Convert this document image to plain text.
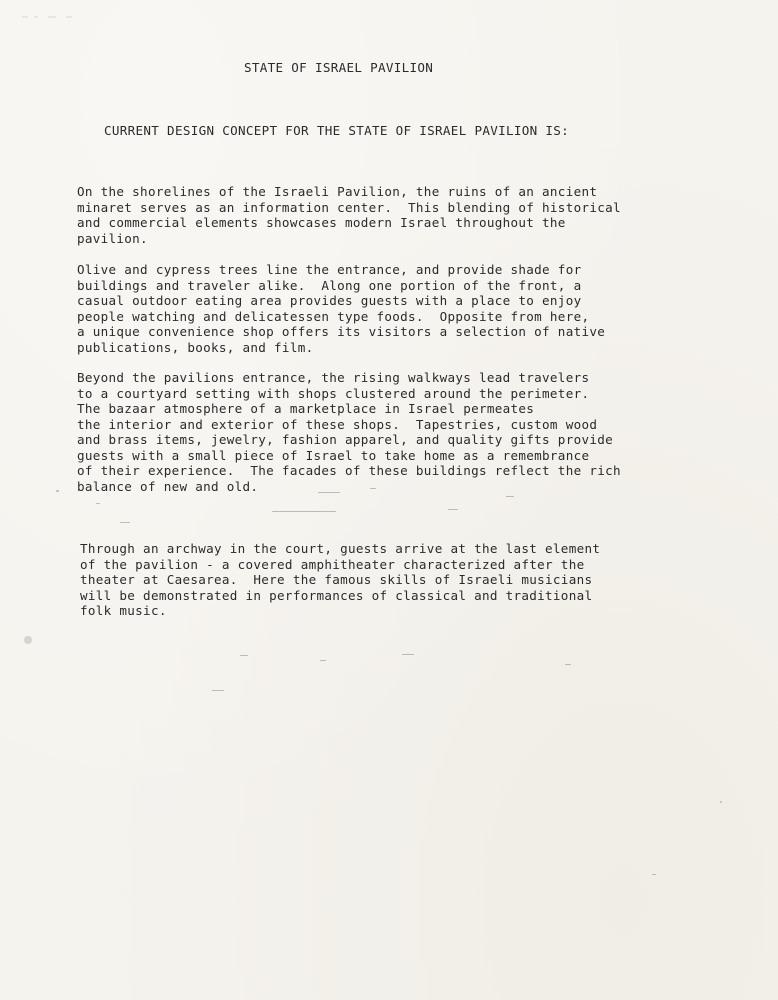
STATE OF ISRAEL PAVILION
CURRENT DESIGN CONCEPT FOR THE STATE OF ISRAEL PAVILION IS:
On the shorelines of the Israeli Pavilion, the ruins of an ancient
minaret serves as an information center.  This blending of historical
and commercial elements showcases modern Israel throughout the
pavilion.
Olive and cypress trees line the entrance, and provide shade for
buildings and traveler alike.  Along one portion of the front, a
casual outdoor eating area provides guests with a place to enjoy
people watching and delicatessen type foods.  Opposite from here,
a unique convenience shop offers its visitors a selection of native
publications, books, and film.
Beyond the pavilions entrance, the rising walkways lead travelers
to a courtyard setting with shops clustered around the perimeter.
The bazaar atmosphere of a marketplace in Israel permeates
the interior and exterior of these shops.  Tapestries, custom wood
and brass items, jewelry, fashion apparel, and quality gifts provide
guests with a small piece of Israel to take home as a remembrance
of their experience.  The facades of these buildings reflect the rich
balance of new and old.
Through an archway in the court, guests arrive at the last element
of the pavilion - a covered amphitheater characterized after the
theater at Caesarea.  Here the famous skills of Israeli musicians
will be demonstrated in performances of classical and traditional
folk music.
